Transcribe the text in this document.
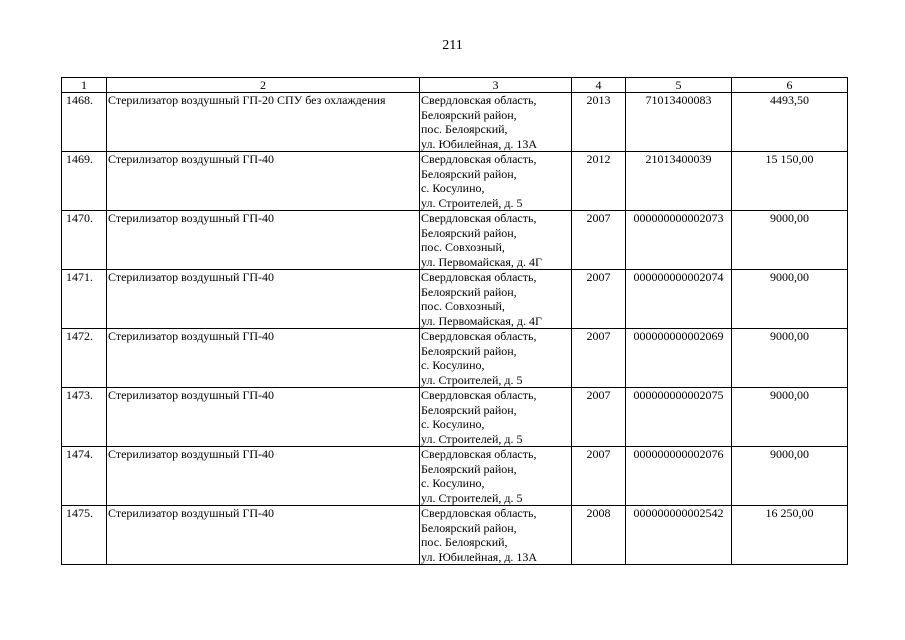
211
1	2	3	4	5	6
1468.	Стерилизатор воздушный ГП-20 СПУ без охлаждения	Свердловская область,
Белоярский район,
пос. Белоярский,
ул. Юбилейная, д. 13А	2013	71013400083	4493,50
1469.	Стерилизатор воздушный ГП-40	Свердловская область,
Белоярский район,
с. Косулино,
ул. Строителей, д. 5	2012	21013400039	15 150,00
1470.	Стерилизатор воздушный ГП-40	Свердловская область,
Белоярский район,
пос. Совхозный,
ул. Первомайская, д. 4Г	2007	000000000002073	9000,00
1471.	Стерилизатор воздушный ГП-40	Свердловская область,
Белоярский район,
пос. Совхозный,
ул. Первомайская, д. 4Г	2007	000000000002074	9000,00
1472.	Стерилизатор воздушный ГП-40	Свердловская область,
Белоярский район,
с. Косулино,
ул. Строителей, д. 5	2007	000000000002069	9000,00
1473.	Стерилизатор воздушный ГП-40	Свердловская область,
Белоярский район,
с. Косулино,
ул. Строителей, д. 5	2007	000000000002075	9000,00
1474.	Стерилизатор воздушный ГП-40	Свердловская область,
Белоярский район,
с. Косулино,
ул. Строителей, д. 5	2007	000000000002076	9000,00
1475.	Стерилизатор воздушный ГП-40	Свердловская область,
Белоярский район,
пос. Белоярский,
ул. Юбилейная, д. 13А	2008	000000000002542	16 250,00
